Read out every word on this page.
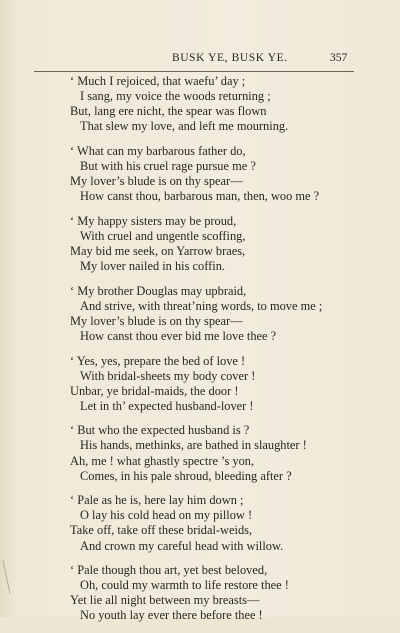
BUSK YE, BUSK YE.	357
‘ Much I rejoiced, that waefu’ day ;
I sang, my voice the woods returning ;
But, lang ere nicht, the spear was flown
That slew my love, and left me mourning.
‘ What can my barbarous father do,
But with his cruel rage pursue me ?
My lover’s blude is on thy spear—
How canst thou, barbarous man, then, woo me ?
‘ My happy sisters may be proud,
With cruel and ungentle scoffing,
May bid me seek, on Yarrow braes,
My lover nailed in his coffin.
‘ My brother Douglas may upbraid,
And strive, with threat’ning words, to move me ;
My lover’s blude is on thy spear—
How canst thou ever bid me love thee ?
‘ Yes, yes, prepare the bed of love !
With bridal-sheets my body cover !
Unbar, ye bridal-maids, the door !
Let in th’ expected husband-lover !
‘ But who the expected husband is ?
His hands, methinks, are bathed in slaughter !
Ah, me ! what ghastly spectre ’s yon,
Comes, in his pale shroud, bleeding after ?
‘ Pale as he is, here lay him down ;
O lay his cold head on my pillow !
Take off, take off these bridal-weids,
And crown my careful head with willow.
‘ Pale though thou art, yet best beloved,
Oh, could my warmth to life restore thee !
Yet lie all night between my breasts—
No youth lay ever there before thee !
